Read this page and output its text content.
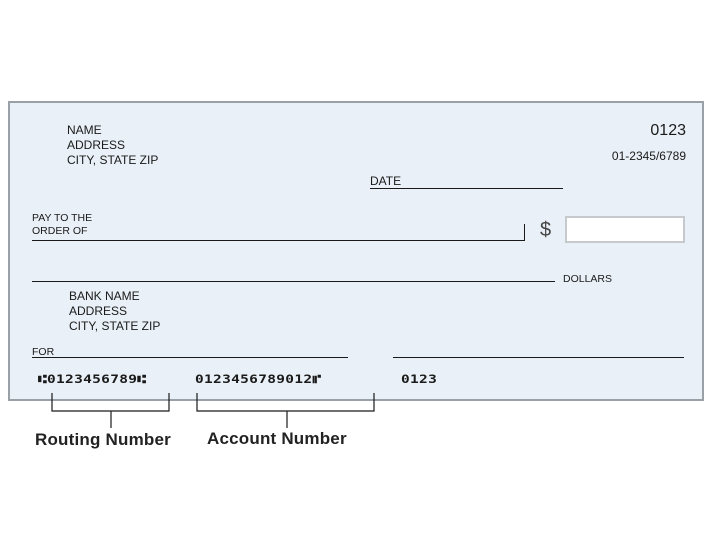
NAME
ADDRESS
CITY, STATE ZIP
0123
01-2345/6789
DATE
PAY TO THE
ORDER OF	$
DOLLARS
BANK NAME
ADDRESS
CITY, STATE ZIP
FOR
⑆0123456789⑆	0123456789012⑈	0123
Routing Number Account Number
